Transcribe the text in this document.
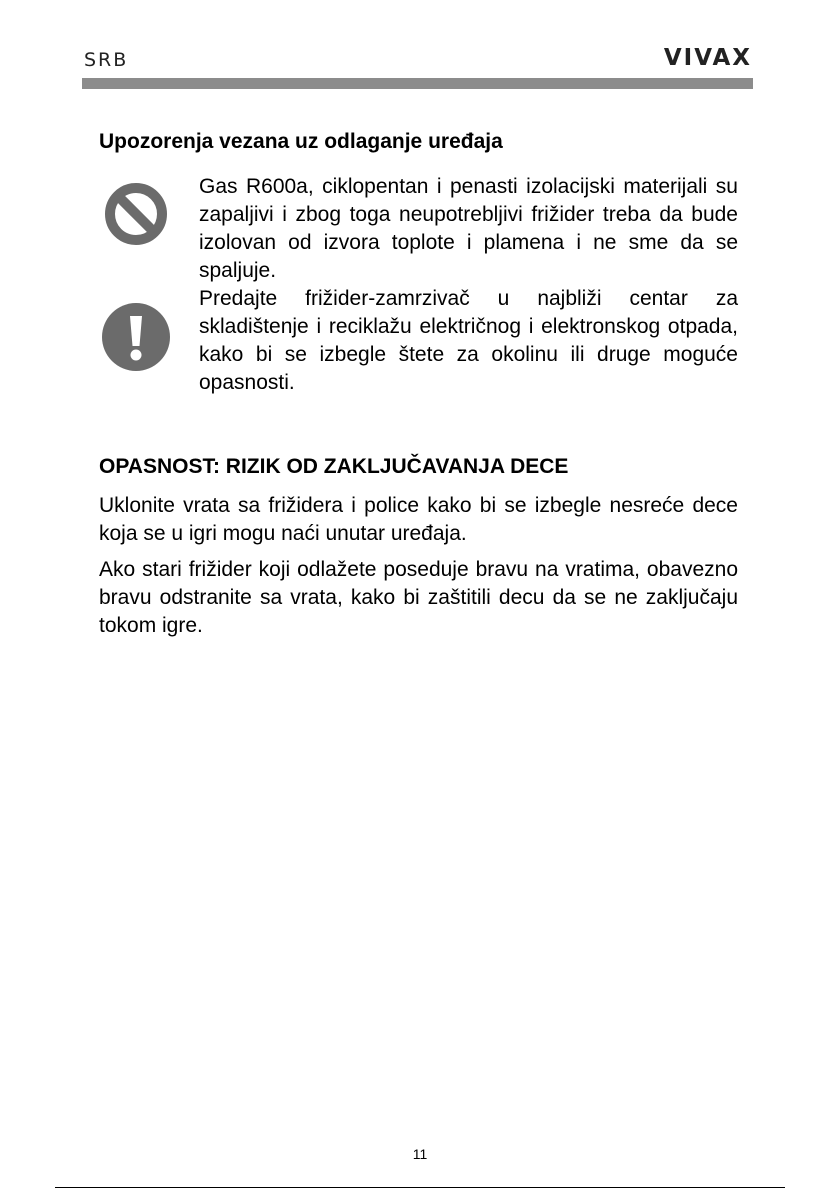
SRB	VIVAX
Upozorenja vezana uz odlaganje uređaja

Gas R600a, ciklopentan i penasti izolacijski materijali su zapaljivi i zbog toga neupotrebljivi frižider treba da bude izolovan od izvora toplote i plamena i ne sme da se spaljuje.

Predajte frižider-zamrzivač u najbliži centar za skladištenje i reciklažu električnog i elektronskog otpada, kako bi se izbegle štete za okolinu ili druge moguće opasnosti.

OPASNOST: RIZIK OD ZAKLJUČAVANJA DECE

Uklonite vrata sa frižidera i police kako bi se izbegle nesreće dece koja se u igri mogu naći unutar uređaja.

Ako stari frižider koji odlažete poseduje bravu na vratima, obavezno bravu odstranite sa vrata, kako bi zaštitili decu da se ne zaključaju tokom igre.

11
